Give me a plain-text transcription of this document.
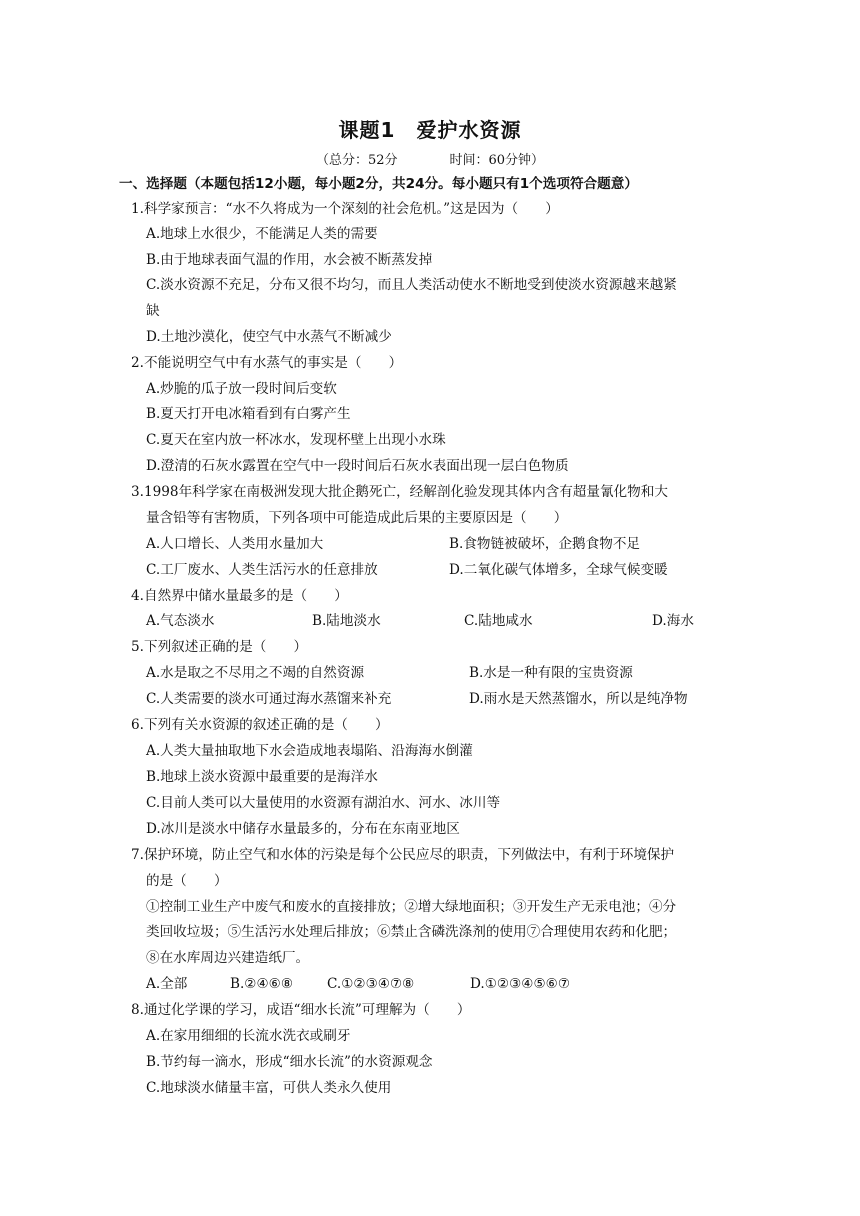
课题1　爱护水资源
（总分：52分　　　　时间：60分钟）
一、选择题（本题包括12小题，每小题2分，共24分。每小题只有1个选项符合题意）
1.科学家预言：“水不久将成为一个深刻的社会危机。”这是因为（　　）
A.地球上水很少，不能满足人类的需要
B.由于地球表面气温的作用，水会被不断蒸发掉
C.淡水资源不充足，分布又很不均匀，而且人类活动使水不断地受到使淡水资源越来越紧
缺
D.土地沙漠化，使空气中水蒸气不断减少
2.不能说明空气中有水蒸气的事实是（　　）
A.炒脆的瓜子放一段时间后变软
B.夏天打开电冰箱看到有白雾产生
C.夏天在室内放一杯冰水，发现杯壁上出现小水珠
D.澄清的石灰水露置在空气中一段时间后石灰水表面出现一层白色物质
3.1998年科学家在南极洲发现大批企鹅死亡，经解剖化验发现其体内含有超量氰化物和大
量含铅等有害物质，下列各项中可能造成此后果的主要原因是（　　）
A.人口增长、人类用水量加大	B.食物链被破坏，企鹅食物不足
C.工厂废水、人类生活污水的任意排放	D.二氧化碳气体增多，全球气候变暖
4.自然界中储水量最多的是（　　）
A.气态淡水	B.陆地淡水	C.陆地咸水	D.海水
5.下列叙述正确的是（　　）
A.水是取之不尽用之不竭的自然资源	B.水是一种有限的宝贵资源
C.人类需要的淡水可通过海水蒸馏来补充	D.雨水是天然蒸馏水，所以是纯净物
6.下列有关水资源的叙述正确的是（　　）
A.人类大量抽取地下水会造成地表塌陷、沿海海水倒灌
B.地球上淡水资源中最重要的是海洋水
C.目前人类可以大量使用的水资源有湖泊水、河水、冰川等
D.冰川是淡水中储存水量最多的，分布在东南亚地区
7.保护环境，防止空气和水体的污染是每个公民应尽的职责，下列做法中，有利于环境保护
的是（　　）
①控制工业生产中废气和废水的直接排放；②增大绿地面积；③开发生产无汞电池；④分
类回收垃圾；⑤生活污水处理后排放；⑥禁止含磷洗涤剂的使用⑦合理使用农药和化肥；
⑧在水库周边兴建造纸厂。
A.全部	B.②④⑥⑧ C.①②③④⑦⑧	D.①②③④⑤⑥⑦
8.通过化学课的学习，成语“细水长流”可理解为（　　）
A.在家用细细的长流水洗衣或刷牙
B.节约每一滴水，形成“细水长流”的水资源观念
C.地球淡水储量丰富，可供人类永久使用
